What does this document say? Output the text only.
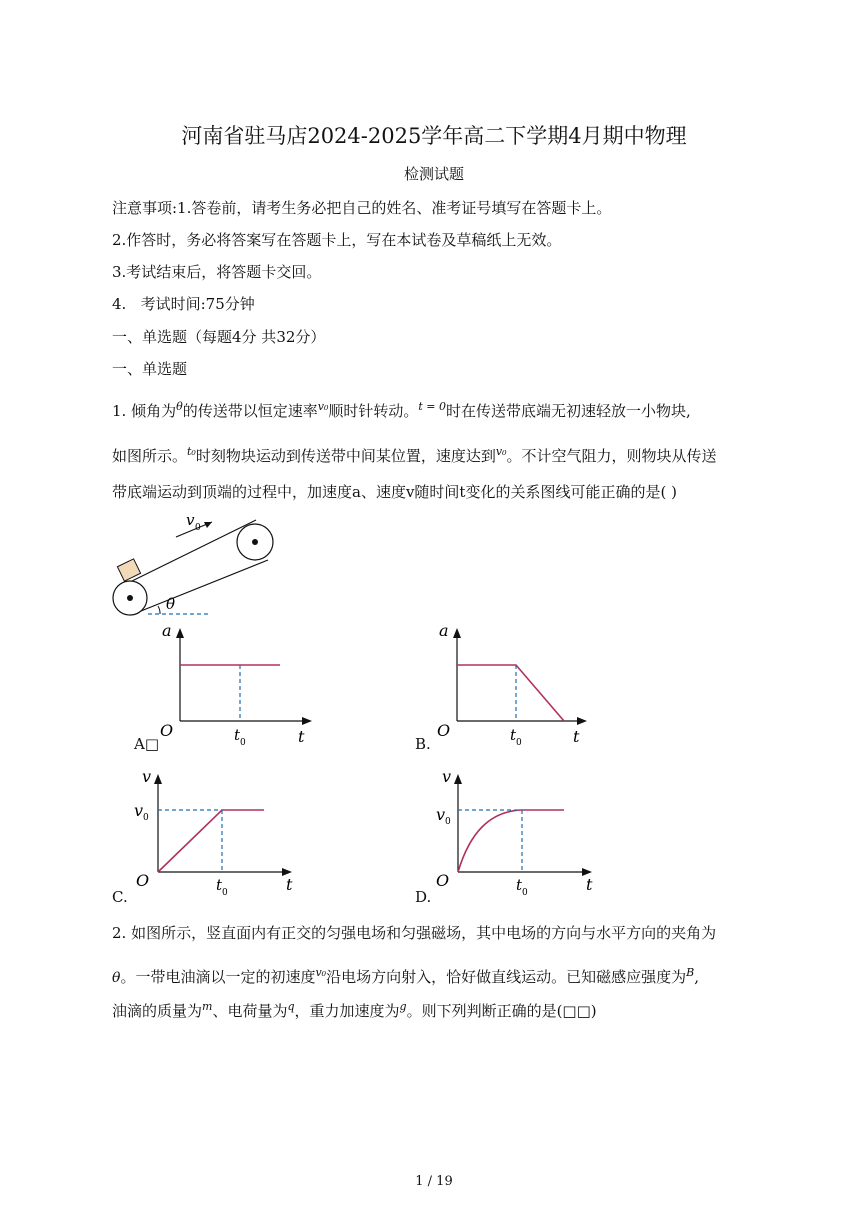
河南省驻马店2024-2025学年高二下学期4月期中物理
检测试题
注意事项:1.答卷前，请考生务必把自己的姓名、准考证号填写在答题卡上。
2.作答时，务必将答案写在答题卡上，写在本试卷及草稿纸上无效。
3.考试结束后，将答题卡交回。
4.   考试时间:75分钟
一、单选题（每题4分 共32分）
一、单选题
1. 倾角为$^\theta$的传送带以恒定速率$^{v_0}$顺时针转动。$^{t = 0}$时在传送带底端无初速轻放一小物块,
如图所示。$^{t_0}$时刻物块运动到传送带中间某位置，速度达到$^{v_0}$。不计空气阻力，则物块从传送
带底端运动到顶端的过程中，加速度a、速度v随时间t变化的关系图线可能正确的是( )
θ
v 0
a
O	t
t 0
A□
a
O	t
t 0
B.
v
v 0
O	t
t 0
C.
v
v 0
O	t
t 0
D.
2. 如图所示，竖直面内有正交的匀强电场和匀强磁场，其中电场的方向与水平方向的夹角为
θ。一带电油滴以一定的初速度$^{v_0}$沿电场方向射入，恰好做直线运动。已知磁感应强度为$^B$,
油滴的质量为$^m$、电荷量为$^q$，重力加速度为$^g$。则下列判断正确的是(□□)
1 / 19
